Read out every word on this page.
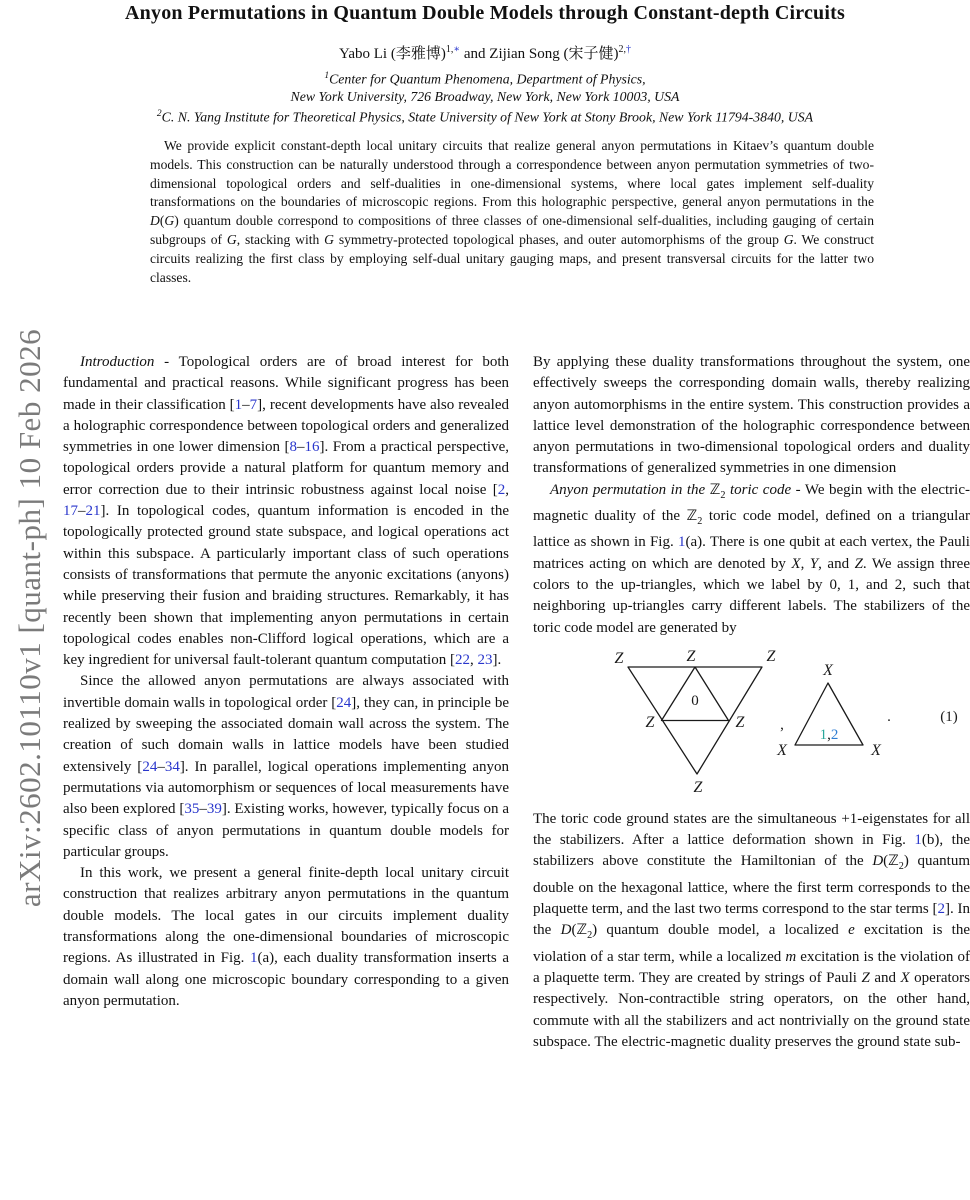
arXiv:2602.10110v1 [quant-ph] 10 Feb 2026
Anyon Permutations in Quantum Double Models through Constant-depth Circuits
Yabo Li (李雅博)$^{1,∗}$ and Zijian Song (宋子健)$^{2,\dagger}$
$^1$Center for Quantum Phenomena, Department of Physics,
New York University, 726 Broadway, New York, New York 10003, USA
$^2$C. N. Yang Institute for Theoretical Physics, State University of New York at Stony Brook, New York 11794-3840, USA
We provide explicit constant-depth local unitary circuits that realize general anyon permutations in Kitaev’s quantum double models. This construction can be naturally understood through a correspondence between anyon permutation symmetries of two-dimensional topological orders and self-dualities in one-dimensional systems, where local gates implement self-duality transformations on the boundaries of microscopic regions. From this holographic perspective, general anyon permutations in the D(G) quantum double correspond to compositions of three classes of one-dimensional self-dualities, including gauging of certain subgroups of G, stacking with G symmetry-protected topological phases, and outer automorphisms of the group G. We construct circuits realizing the first class by employing self-dual unitary gauging maps, and present transversal circuits for the latter two classes.

Introduction - Topological orders are of broad interest for both fundamental and practical reasons. While significant progress has been made in their classification [1–7], recent developments have also revealed a holographic correspondence between topological orders and generalized symmetries in one lower dimension [8–16]. From a practical perspective, topological orders provide a natural platform for quantum memory and error correction due to their intrinsic robustness against local noise [2, 17–21]. In topological codes, quantum information is encoded in the topologically protected ground state subspace, and logical operations act within this subspace. A particularly important class of such operations consists of transformations that permute the anyonic excitations (anyons) while preserving their fusion and braiding structures. Remarkably, it has recently been shown that implementing anyon permutations in certain topological codes enables non-Clifford logical operations, which are a key ingredient for universal fault-tolerant quantum computation [22, 23].

Since the allowed anyon permutations are always associated with invertible domain walls in topological order [24], they can, in principle be realized by sweeping the associated domain wall across the system. The creation of such domain walls in lattice models have been studied extensively [24–34]. In parallel, logical operations implementing anyon permutations via automorphism or sequences of local measurements have also been explored [35–39]. Existing works, however, typically focus on a specific class of anyon permutations in quantum double models for particular groups.

In this work, we present a general finite-depth local unitary circuit construction that realizes arbitrary anyon permutations in the quantum double models. The local gates in our circuits implement duality transformations along the one-dimensional boundaries of microscopic regions. As illustrated in Fig. 1(a), each duality transformation inserts a domain wall along one microscopic boundary corresponding to a given anyon permutation.

By applying these duality transformations throughout the system, one effectively sweeps the corresponding domain walls, thereby realizing anyon automorphisms in the entire system. This construction provides a lattice level demonstration of the holographic correspondence between anyon permutations in two-dimensional topological orders and duality transformations of generalized symmetries in one dimension

Anyon permutation in the ℤ$_2$ toric code - We begin with the electric-magnetic duality of the ℤ$_2$ toric code model, defined on a triangular lattice as shown in Fig. 1(a). There is one qubit at each vertex, the Pauli matrices acting on which are denoted by X, Y, and Z. We assign three colors to the up-triangles, which we label by 0, 1, and 2, such that neighboring up-triangles carry different labels. The stabilizers of the toric code model are generated by

Z	Z	Z
Z	Z
Z
0
,
X
X	X
1,2
.	(1)

The toric code ground states are the simultaneous +1-eigenstates for all the stabilizers. After a lattice deformation shown in Fig. 1(b), the stabilizers above constitute the Hamiltonian of the D(ℤ$_2$) quantum double on the hexagonal lattice, where the first term corresponds to the plaquette term, and the last two terms correspond to the star terms [2]. In the D(ℤ$_2$) quantum double model, a localized e excitation is the violation of a star term, while a localized m excitation is the violation of a plaquette term. They are created by strings of Pauli Z and X operators respectively. Non-contractible string operators, on the other hand, commute with all the stabilizers and act nontrivially on the ground state subspace. The electric-magnetic duality preserves the ground state sub-
